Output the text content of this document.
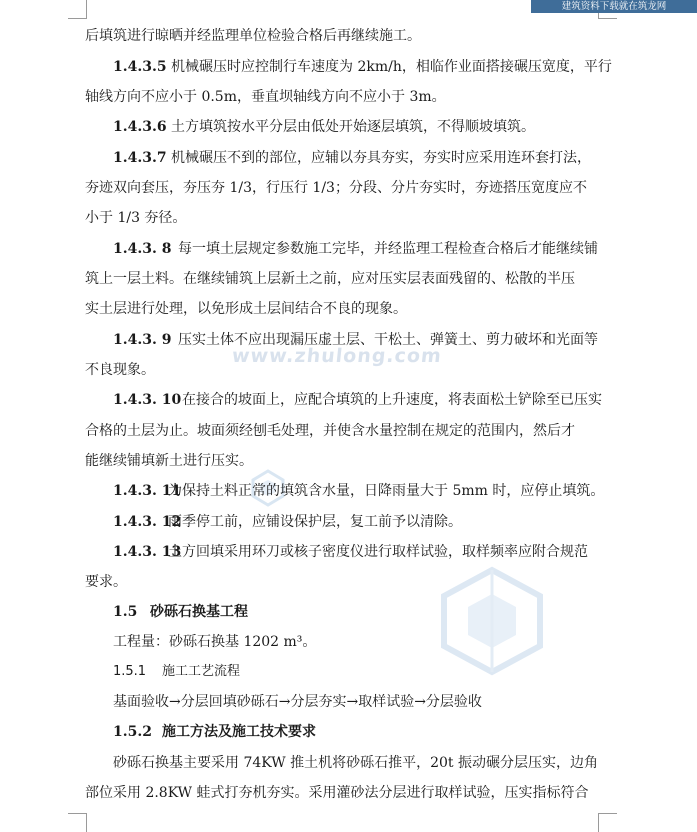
建筑资料下载就在筑龙网
www.zhulong.com
后填筑进行晾晒并经监理单位检验合格后再继续施工。
1.4.3.5 机械碾压时应控制行车速度为 2km/h，相临作业面搭接碾压宽度，平行
轴线方向不应小于 0.5m，垂直坝轴线方向不应小于 3m。
1.4.3.6 土方填筑按水平分层由低处开始逐层填筑，不得顺坡填筑。
1.4.3.7 机械碾压不到的部位，应辅以夯具夯实，夯实时应采用连环套打法，
夯迹双向套压，夯压夯 1/3，行压行 1/3；分段、分片夯实时，夯迹搭压宽度应不
小于 1/3 夯径。
1.4.3. 8 每一填土层规定参数施工完毕，并经监理工程检查合格后才能继续铺
筑上一层土料。在继续铺筑上层新土之前，应对压实层表面残留的、松散的半压
实土层进行处理，以免形成土层间结合不良的现象。
1.4.3. 9 压实土体不应出现漏压虚土层、干松土、弹簧土、剪力破坏和光面等
不良现象。
1.4.3. 10 在接合的坡面上，应配合填筑的上升速度，将表面松土铲除至已压实
合格的土层为止。坡面须经刨毛处理，并使含水量控制在规定的范围内，然后才
能继续铺填新土进行压实。
1.4.3. 11
为保持土料正常的填筑含水量，日降雨量大于 5mm 时，应停止填筑。
1.4.3. 12
雨季停工前，应铺设保护层，复工前予以清除。
1.4.3. 13
土方回填采用环刀或核子密度仪进行取样试验，取样频率应附合规范
要求。
1.5 砂砾石换基工程
工程量：砂砾石换基 1202 m³。
1.5.1 施工工艺流程
基面验收→分层回填砂砾石→分层夯实→取样试验→分层验收
1.5.2 施工方法及施工技术要求
砂砾石换基主要采用 74KW 推土机将砂砾石推平，20t 振动碾分层压实，边角
部位采用 2.8KW 蛙式打夯机夯实。采用灌砂法分层进行取样试验，压实指标符合
